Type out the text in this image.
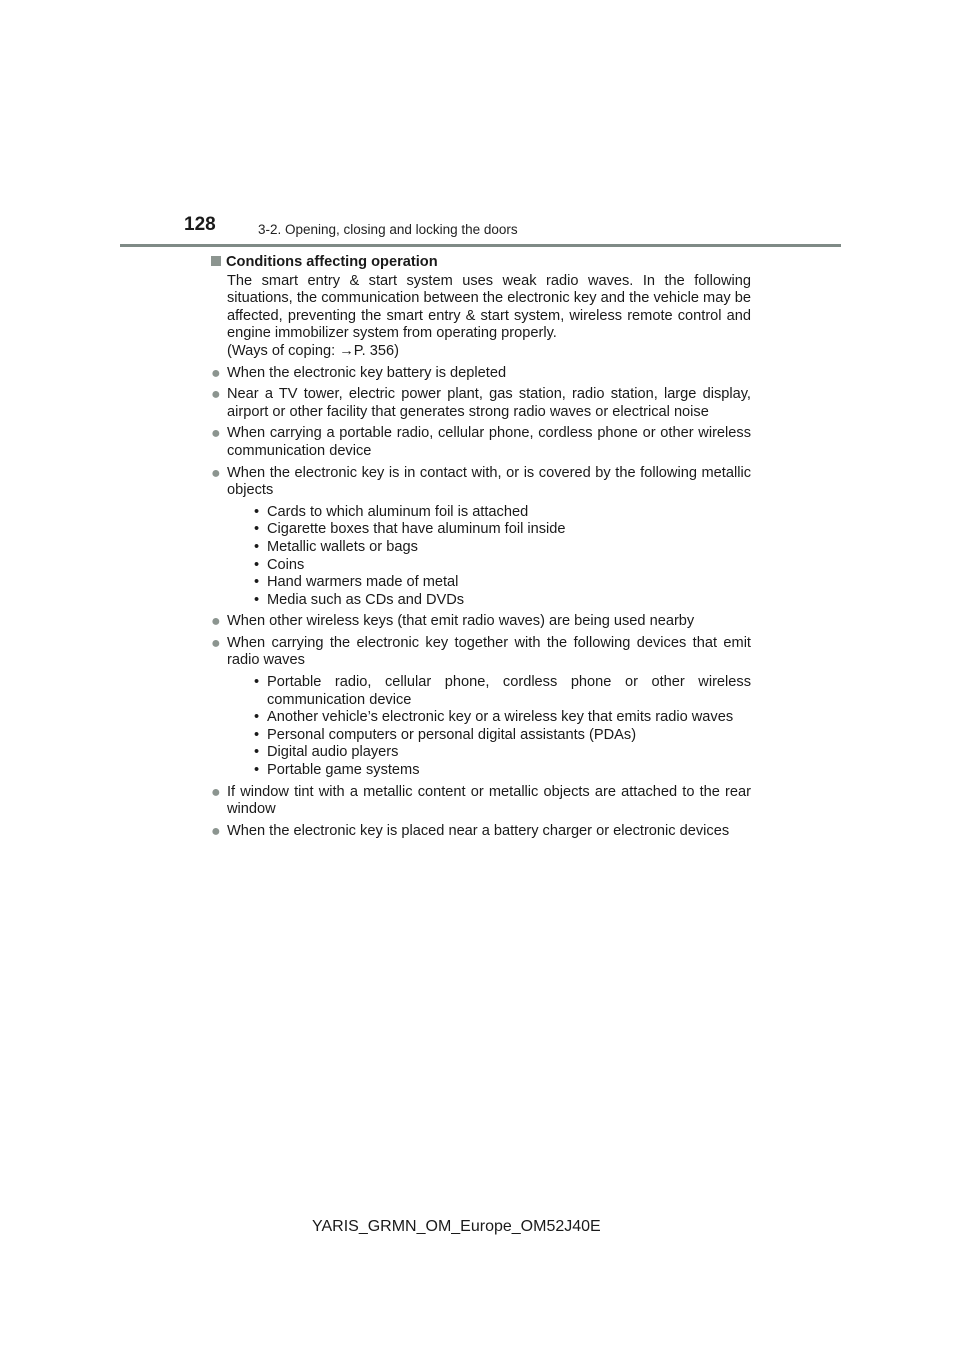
128	3-2. Opening, closing and locking the doors
Conditions affecting operation

The smart entry & start system uses weak radio waves. In the following situations, the communication between the electronic key and the vehicle may be affected, preventing the smart entry & start system, wireless remote control and engine immobilizer system from operating properly.

(Ways of coping: →P. 356)

● When the electronic key battery is depleted
● Near a TV tower, electric power plant, gas station, radio station, large display, airport or other facility that generates strong radio waves or electrical noise
● When carrying a portable radio, cellular phone, cordless phone or other wireless communication device
● When the electronic key is in contact with, or is covered by the following metallic objects
• Cards to which aluminum foil is attached
• Cigarette boxes that have aluminum foil inside
• Metallic wallets or bags
• Coins
• Hand warmers made of metal
• Media such as CDs and DVDs
● When other wireless keys (that emit radio waves) are being used nearby
● When carrying the electronic key together with the following devices that emit radio waves
• Portable radio, cellular phone, cordless phone or other wireless communication device
• Another vehicle’s electronic key or a wireless key that emits radio waves
• Personal computers or personal digital assistants (PDAs)
• Digital audio players
• Portable game systems
● If window tint with a metallic content or metallic objects are attached to the rear window
● When the electronic key is placed near a battery charger or electronic devices
YARIS_GRMN_OM_Europe_OM52J40E
